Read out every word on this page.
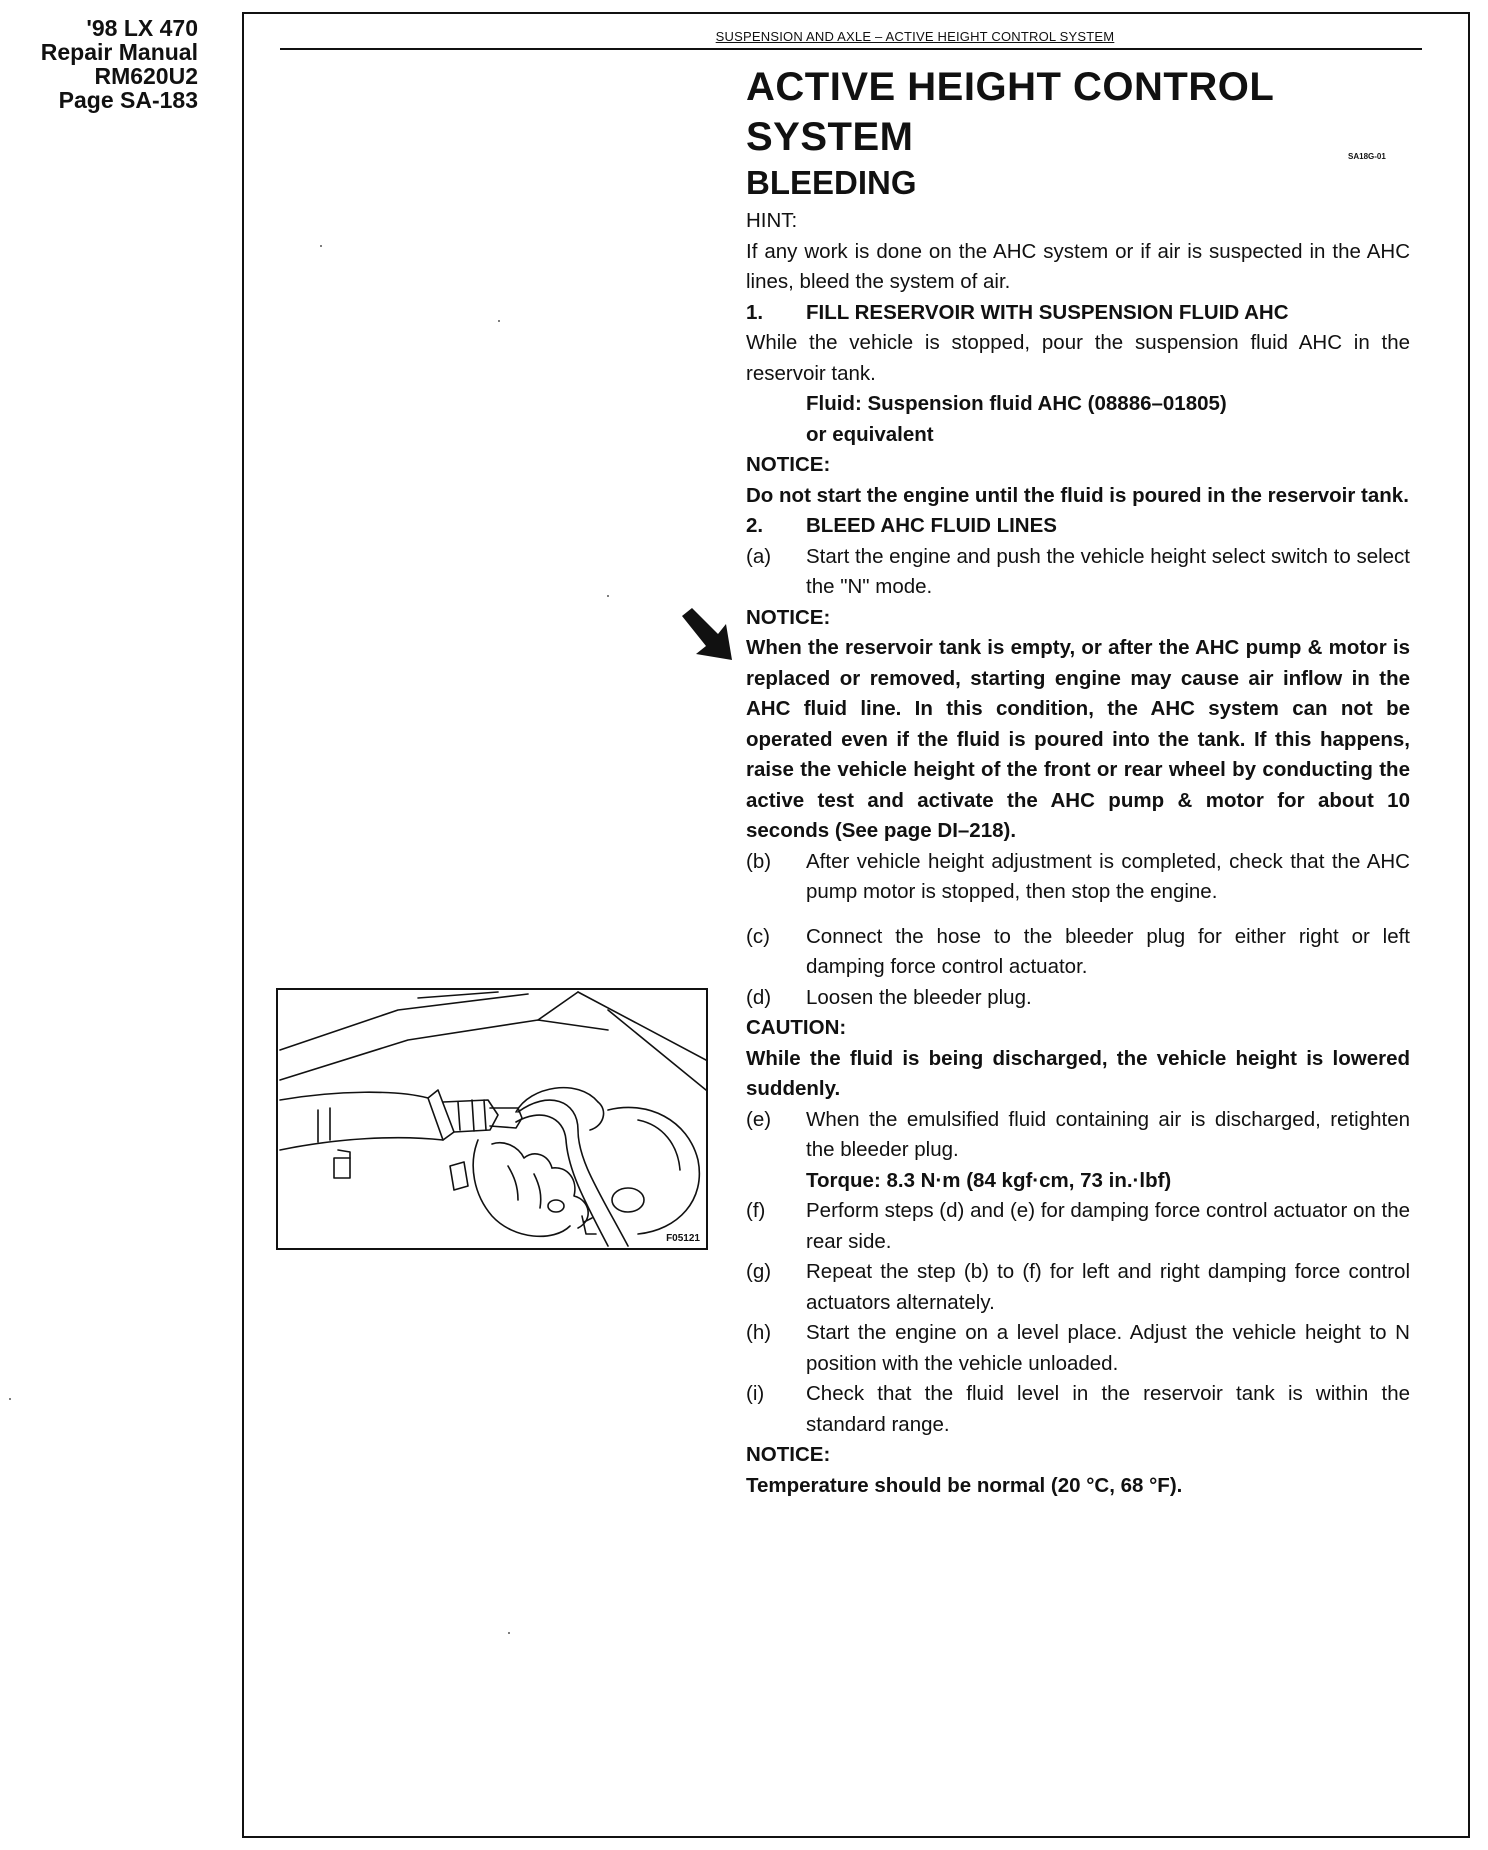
'98 LX 470
Repair Manual
RM620U2
Page SA-183
SUSPENSION AND AXLE – ACTIVE HEIGHT CONTROL SYSTEM
SA18G-01
ACTIVE HEIGHT CONTROL
SYSTEM
BLEEDING

HINT:

If any work is done on the AHC system or if air is suspected in the AHC lines, bleed the system of air.

1.	FILL RESERVOIR WITH SUSPENSION FLUID AHC

While the vehicle is stopped, pour the suspension fluid AHC in the reservoir tank.

Fluid: Suspension fluid AHC (08886–01805)

or equivalent

NOTICE:

Do not start the engine until the fluid is poured in the reservoir tank.

2.	BLEED AHC FLUID LINES
(a)	Start the engine and push the vehicle height select switch to select the "N" mode.

NOTICE:

When the reservoir tank is empty, or after the AHC pump & motor is replaced or removed, starting engine may cause air inflow in the AHC fluid line. In this condition, the AHC system can not be operated even if the fluid is poured into the tank. If this happens, raise the vehicle height of the front or rear wheel by conducting the active test and activate the AHC pump & motor for about 10 seconds (See page DI–218).

(b)	After vehicle height adjustment is completed, check that the AHC pump motor is stopped, then stop the engine.
(c)	Connect the hose to the bleeder plug for either right or left damping force control actuator.
(d)	Loosen the bleeder plug.

CAUTION:

While the fluid is being discharged, the vehicle height is lowered suddenly.

(e)	When the emulsified fluid containing air is discharged, retighten the bleeder plug.

Torque: 8.3 N·m (84 kgf·cm, 73 in.·lbf)

(f)	Perform steps (d) and (e) for damping force control actuator on the rear side.
(g)	Repeat the step (b) to (f) for left and right damping force control actuators alternately.
(h)	Start the engine on a level place. Adjust the vehicle height to N position with the vehicle unloaded.
(i)	Check that the fluid level in the reservoir tank is within the standard range.

NOTICE:

Temperature should be normal (20 °C, 68 °F).

F05121
